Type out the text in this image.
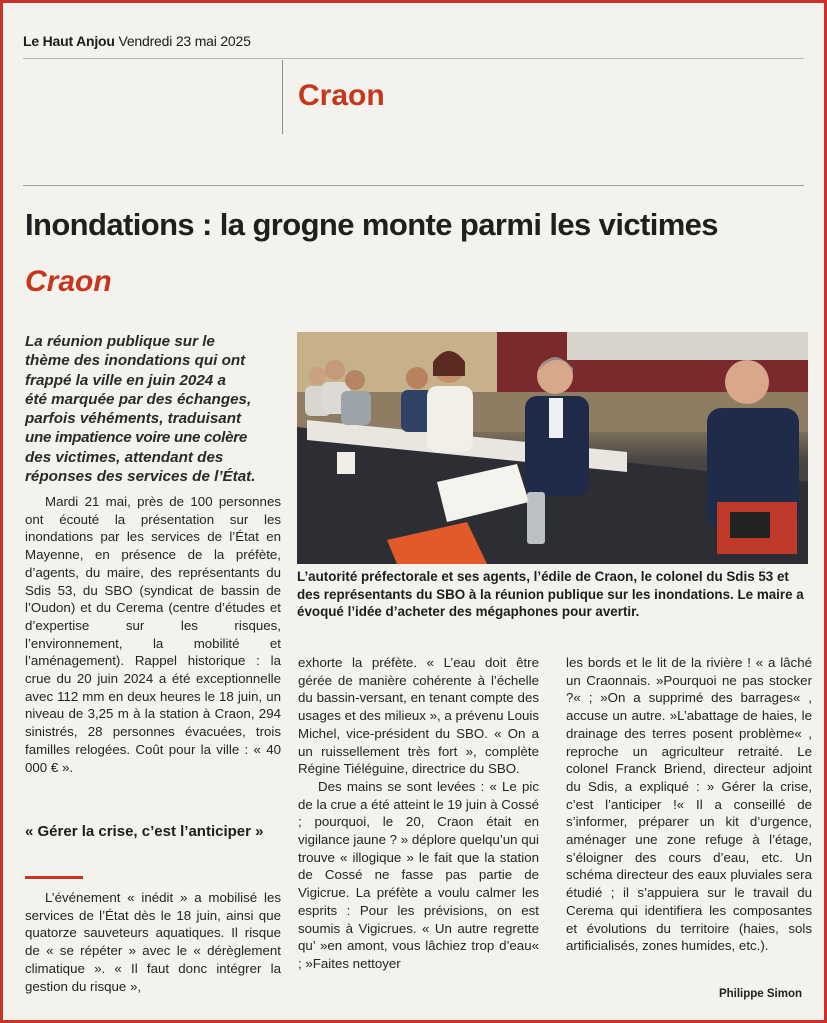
Le Haut Anjou Vendredi 23 mai 2025
Craon
Inondations : la grogne monte parmi les victimes
Craon
La réunion publique sur le
thème des inondations qui ont
frappé la ville en juin 2024 a
été marquée par des échanges,
parfois véhéments, traduisant
une impatience voire une colère
des victimes, attendant des
réponses des services de l’État.
L’autorité préfectorale et ses agents, l’édile de Craon, le colonel du Sdis 53 et des représentants du SBO à la réunion publique sur les inondations. Le maire a évoqué l’idée d’acheter des mégaphones pour avertir.

Mardi 21 mai, près de 100 personnes ont écouté la présentation sur les inondations par les services de l’État en Mayenne, en présence de la préfète, d’agents, du maire, des représentants du Sdis 53, du SBO (syndicat de bassin de l’Oudon) et du Cerema (centre d’études et d’expertise sur les risques, l’environnement, la mobilité et l’aménagement). Rappel historique : la crue du 20 juin 2024 a été exceptionnelle avec 112 mm en deux heures le 18 juin, un niveau de 3,25 m à la station à Craon, 294 sinistrés, 28 personnes évacuées, trois familles relogées. Coût pour la ville : « 40 000 € ».

« Gérer la crise, c’est l’anticiper »

L’événement « inédit » a mobilisé les services de l’État dès le 18 juin, ainsi que quatorze sauveteurs aquatiques. Il risque de « se répéter » avec le « dérèglement climatique ». « Il faut donc intégrer la gestion du risque »,

exhorte la préfète. « L’eau doit être gérée de manière cohérente à l’échelle du bassin-versant, en tenant compte des usages et des milieux », a prévenu Louis Michel, vice-président du SBO. « On a un ruissellement très fort », complète Régine Tiéléguine, directrice du SBO.

Des mains se sont levées : « Le pic de la crue a été atteint le 19 juin à Cossé ; pourquoi, le 20, Craon était en vigilance jaune ? » déplore quelqu’un qui trouve « illogique » le fait que la station de Cossé ne fasse pas partie de Vigicrue. La préfète a voulu calmer les esprits : Pour les prévisions, on est soumis à Vigicrues. « Un autre regrette qu’ »en amont, vous lâchiez trop d’eau« ; »Faites nettoyer

les bords et le lit de la rivière ! « a lâché un Craonnais. »Pourquoi ne pas stocker ?« ; »On a supprimé des barrages« , accuse un autre. »L’abattage de haies, le drainage des terres posent problème« , reproche un agriculteur retraité. Le colonel Franck Briend, directeur adjoint du Sdis, a expliqué : » Gérer la crise, c’est l’anticiper !« Il a conseillé de s’informer, préparer un kit d’urgence, aménager une zone refuge à l’étage, s’éloigner des cours d’eau, etc. Un schéma directeur des eaux pluviales sera étudié ; il s’appuiera sur le travail du Cerema qui identifiera les composantes et évolutions du territoire (haies, sols artificialisés, zones humides, etc.).

Philippe Simon
